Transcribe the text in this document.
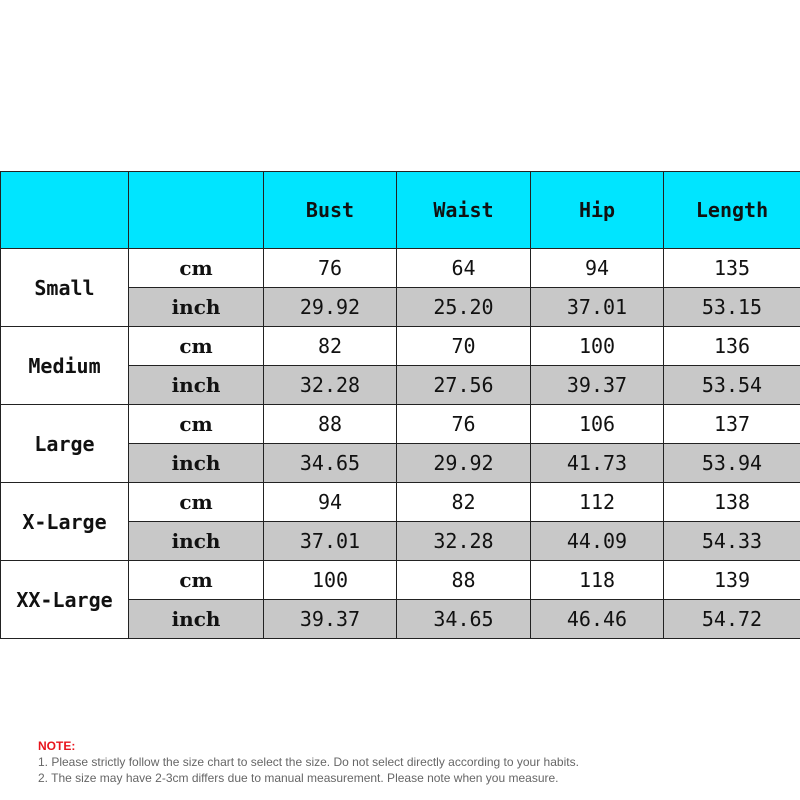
		Bust	Waist	Hip	Length
Small	cm	76	64	94	135
	inch	29.92	25.20	37.01	53.15
Medium	cm	82	70	100	136
	inch	32.28	27.56	39.37	53.54
Large	cm	88	76	106	137
	inch	34.65	29.92	41.73	53.94
X-Large	cm	94	82	112	138
	inch	37.01	32.28	44.09	54.33
XX-Large	cm	100	88	118	139
	inch	39.37	34.65	46.46	54.72
NOTE:
1. Please strictly follow the size chart to select the size. Do not select directly according to your habits.
2. The size may have 2-3cm differs due to manual measurement. Please note when you measure.
